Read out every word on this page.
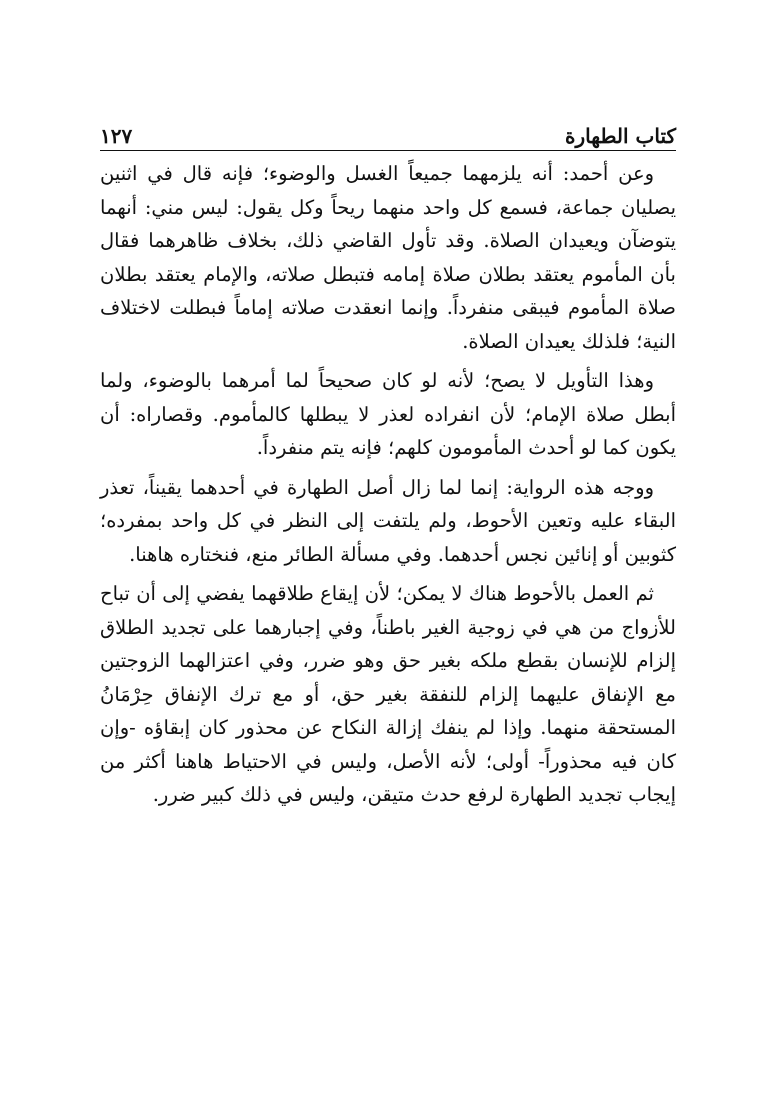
كتاب الطهارة
١٢٧

وعن أحمد: أنه يلزمهما جميعاً الغسل والوضوء؛ فإنه قال في اثنين يصليان جماعة، فسمع كل واحد منهما ريحاً وكل يقول: ليس مني: أنهما يتوضآن ويعيدان الصلاة. وقد تأول القاضي ذلك، بخلاف ظاهرهما فقال بأن المأموم يعتقد بطلان صلاة إمامه فتبطل صلاته، والإمام يعتقد بطلان صلاة المأموم فيبقى منفرداً. وإنما انعقدت صلاته إماماً فبطلت لاختلاف النية؛ فلذلك يعيدان الصلاة.

وهذا التأويل لا يصح؛ لأنه لو كان صحيحاً لما أمرهما بالوضوء، ولما أبطل صلاة الإمام؛ لأن انفراده لعذر لا يبطلها كالمأموم. وقصاراه: أن يكون كما لو أحدث المأمومون كلهم؛ فإنه يتم منفرداً.

ووجه هذه الرواية: إنما لما زال أصل الطهارة في أحدهما يقيناً، تعذر البقاء عليه وتعين الأحوط، ولم يلتفت إلى النظر في كل واحد بمفرده؛ كثوبين أو إنائين نجس أحدهما. وفي مسألة الطائر منع، فنختاره هاهنا.

ثم العمل بالأحوط هناك لا يمكن؛ لأن إيقاع طلاقهما يفضي إلى أن تباح للأزواج من هي في زوجية الغير باطناً، وفي إجبارهما على تجديد الطلاق إلزام للإنسان بقطع ملكه بغير حق وهو ضرر، وفي اعتزالهما الزوجتين مع الإنفاق عليهما إلزام للنفقة بغير حق، أو مع ترك الإنفاق حِرْمَانُ المستحقة منهما. وإذا لم ينفك إزالة النكاح عن محذور كان إبقاؤه -وإن كان فيه محذوراً- أولى؛ لأنه الأصل، وليس في الاحتياط هاهنا أكثر من إيجاب تجديد الطهارة لرفع حدث متيقن، وليس في ذلك كبير ضرر.
